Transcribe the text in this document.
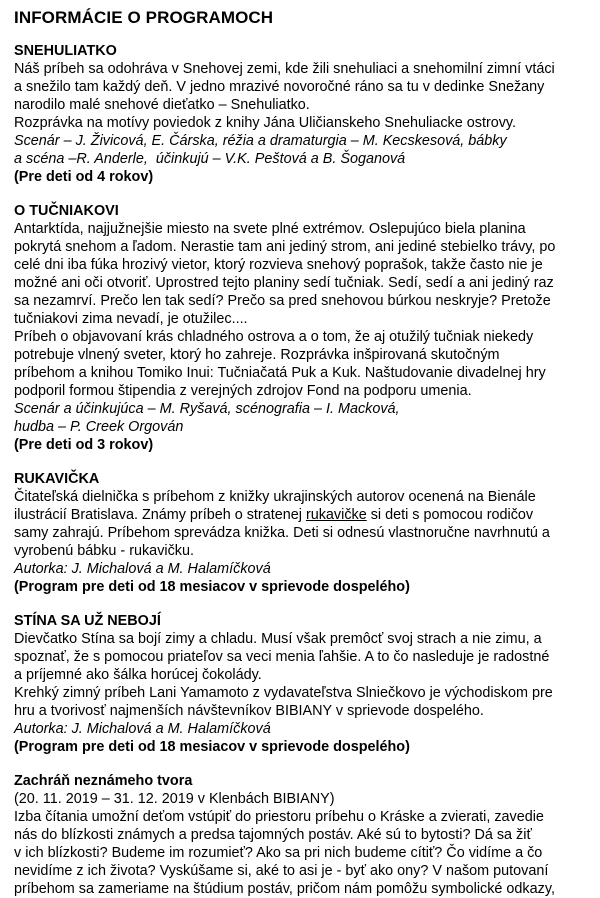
INFORMÁCIE O PROGRAMOCH
SNEHULIATKO
Náš príbeh sa odohráva v Snehovej zemi, kde žili snehuliaci a snehomilní zimní vtáci
a snežilo tam každý deň. V jedno mrazivé novoročné ráno sa tu v dedinke Snežany
narodilo malé snehové dieťatko – Snehuliatko.
Rozprávka na motívy poviedok z knihy Jána Uličianskeho Snehuliacke ostrovy.
Scenár – J. Živicová, E. Čárska, réžia a dramaturgia – M. Kecskesová, bábky
a scéna –R. Anderle,  účinkujú – V.K. Peštová a B. Šoganová
(Pre deti od 4 rokov)
O TUČNIAKOVI
Antarktída, najjužnejšie miesto na svete plné extrémov. Oslepujúco biela planina
pokrytá snehom a ľadom. Nerastie tam ani jediný strom, ani jediné stebielko trávy, po
celé dni iba fúka hrozivý vietor, ktorý rozvieva snehový poprašok, takže často nie je
možné ani oči otvoriť. Uprostred tejto planiny sedí tučniak. Sedí, sedí a ani jediný raz
sa nezamrví. Prečo len tak sedí? Prečo sa pred snehovou búrkou neskryje? Pretože
tučniakovi zima nevadí, je otužilec....
Príbeh o objavovaní krás chladného ostrova a o tom, že aj otužilý tučniak niekedy
potrebuje vlnený sveter, ktorý ho zahreje. Rozprávka inšpirovaná skutočným
príbehom a knihou Tomiko Inui: Tučniačatá Puk a Kuk. Naštudovanie divadelnej hry
podporil formou štipendia z verejných zdrojov Fond na podporu umenia.
Scenár a účinkujúca – M. Ryšavá, scénografia – I. Macková,
hudba – P. Creek Orgován
(Pre deti od 3 rokov)
RUKAVIČKA
Čitateľská dielnička s príbehom z knižky ukrajinských autorov ocenená na Bienále
ilustrácií Bratislava. Známy príbeh o stratenej rukavičke si deti s pomocou rodičov
samy zahrajú. Príbehom sprevádza knižka. Deti si odnesú vlastnoručne navrhnutú a
vyrobenú bábku - rukavičku.
Autorka: J. Michalová a M. Halamíčková
(Program pre deti od 18 mesiacov v sprievode dospelého)
STÍNA SA UŽ NEBOJÍ
Dievčatko Stína sa bojí zimy a chladu. Musí však premôcť svoj strach a nie zimu, a
spoznať, že s pomocou priateľov sa veci menia ľahšie. A to čo nasleduje je radostné
a príjemné ako šálka horúcej čokolády.
Krehký zimný príbeh Lani Yamamoto z vydavateľstva Slniečkovo je východiskom pre
hru a tvorivosť najmenších návštevníkov BIBIANY v sprievode dospelého.
Autorka: J. Michalová a M. Halamíčková
(Program pre deti od 18 mesiacov v sprievode dospelého)
Zachráň neznámeho tvora
(20. 11. 2019 – 31. 12. 2019 v Klenbách BIBIANY)
Izba čítania umožní deťom vstúpiť do priestoru príbehu o Kráske a zvierati, zavedie
nás do blízkosti známych a predsa tajomných postáv. Aké sú to bytosti? Dá sa žiť
v ich blízkosti? Budeme im rozumieť? Ako sa pri nich budeme cítiť? Čo vidíme a čo
nevidíme z ich života? Vyskúšame si, aké to asi je - byť ako ony? V našom putovaní
príbehom sa zameriame na štúdium postáv, pričom nám pomôžu symbolické odkazy,
